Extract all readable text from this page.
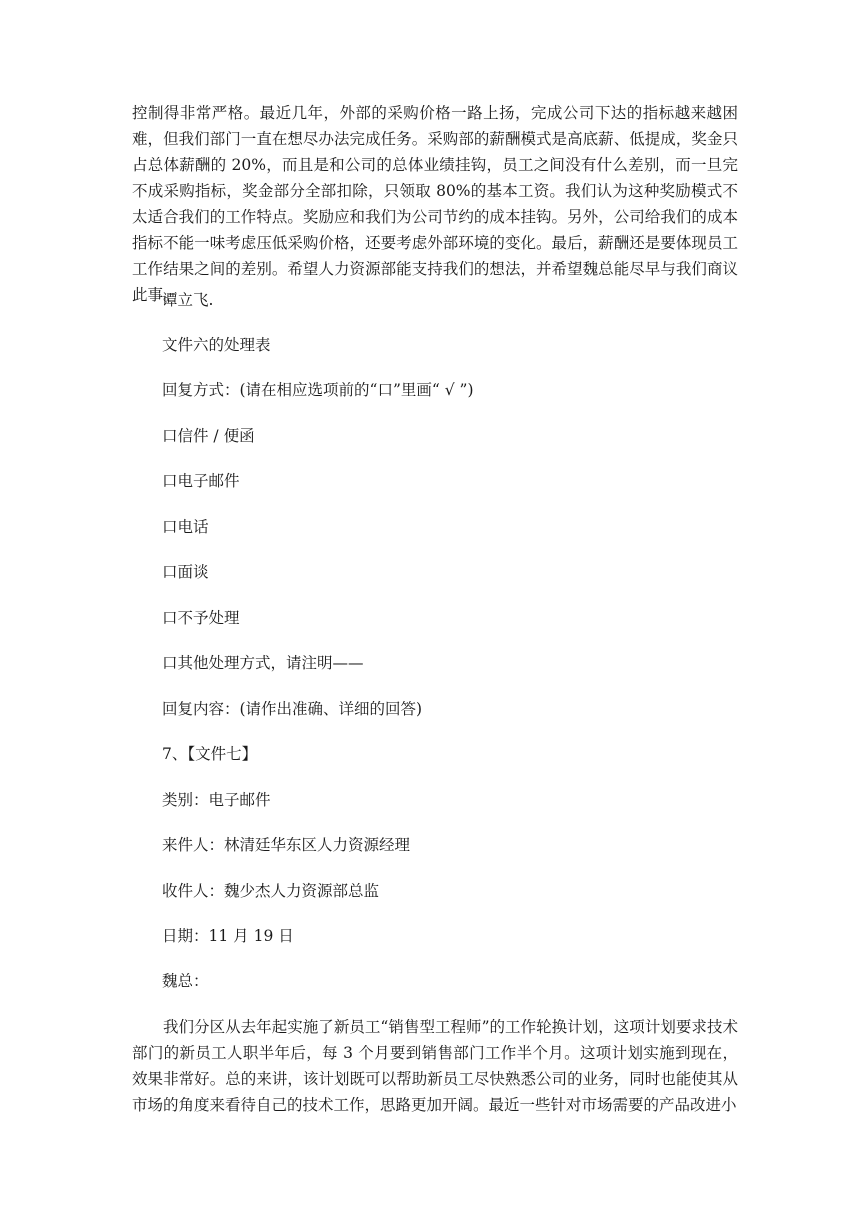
控制得非常严格。最近几年，外部的采购价格一路上扬，完成公司下达的指标越来越困难，但我们部门一直在想尽办法完成任务。采购部的薪酬模式是高底薪、低提成，奖金只占总体薪酬的 20%，而且是和公司的总体业绩挂钩，员工之间没有什么差别，而一旦完不成采购指标，奖金部分全部扣除，只领取 80%的基本工资。我们认为这种奖励模式不太适合我们的工作特点。奖励应和我们为公司节约的成本挂钩。另外，公司给我们的成本指标不能一味考虑压低采购价格，还要考虑外部环境的变化。最后，薪酬还是要体现员工工作结果之间的差别。希望人力资源部能支持我们的想法，并希望魏总能尽早与我们商议此事。

谭立飞.

文件六的处理表

回复方式：(请在相应选项前的“口”里画“ √ ”)

口信件 / 便函

口电子邮件

口电话

口面谈

口不予处理

口其他处理方式，请注明——

回复内容：(请作出准确、详细的回答)

7、【文件七】

类别：电子邮件

来件人：林清廷华东区人力资源经理

收件人：魏少杰人力资源部总监

日期：11 月 19 日

魏总：

我们分区从去年起实施了新员工“销售型工程师”的工作轮换计划，这项计划要求技术部门的新员工人职半年后，每 3 个月要到销售部门工作半个月。这项计划实施到现在，效果非常好。总的来讲，该计划既可以帮助新员工尽快熟悉公司的业务，同时也能使其从市场的角度来看待自己的技术工作，思路更加开阔。最近一些针对市场需要的产品改进小
